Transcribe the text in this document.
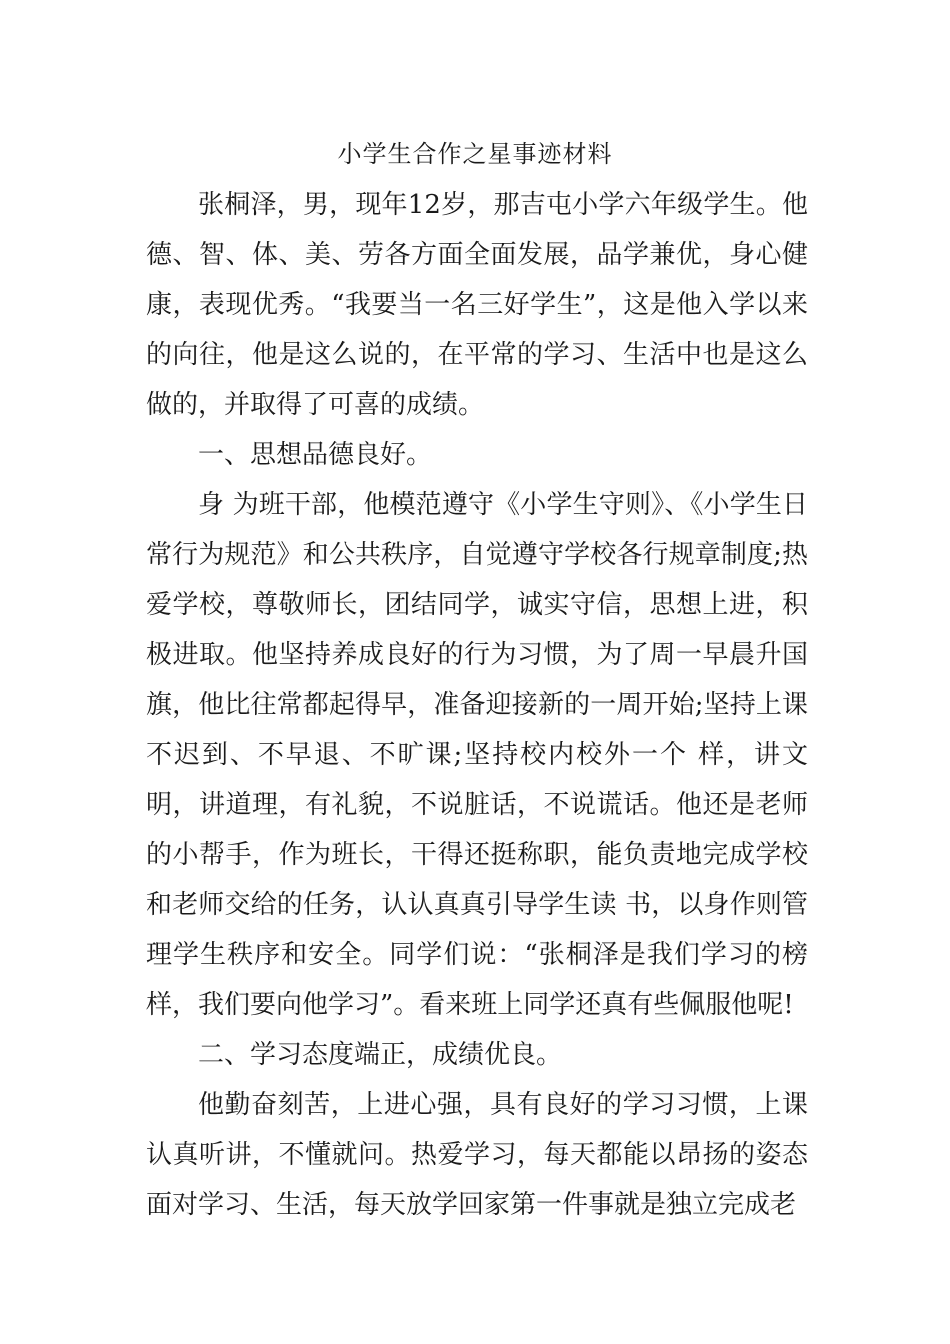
小学生合作之星事迹材料

张桐泽，男，现年12岁，那吉屯小学六年级学生。他德、智、体、美、劳各方面全面发展，品学兼优，身心健康，表现优秀。“我要当一名三好学生”，这是他入学以来的向往，他是这么说的，在平常的学习、生活中也是这么做的，并取得了可喜的成绩。

一、思想品德良好。

身 为班干部，他模范遵守《小学生守则》、《小学生日常行为规范》和公共秩序，自觉遵守学校各行规章制度;热爱学校，尊敬师长，团结同学，诚实守信，思想上进，积极进取。他坚持养成良好的行为习惯，为了周一早晨升国旗，他比往常都起得早，准备迎接新的一周开始;坚持上课不迟到、不早退、不旷课;坚持校内校外一个 样，讲文明，讲道理，有礼貌，不说脏话，不说谎话。他还是老师的小帮手，作为班长，干得还挺称职，能负责地完成学校和老师交给的任务，认认真真引导学生读 书，以身作则管理学生秩序和安全。同学们说：“张桐泽是我们学习的榜样，我们要向他学习”。看来班上同学还真有些佩服他呢!

二、学习态度端正，成绩优良。

他勤奋刻苦，上进心强，具有良好的学习习惯，上课认真听讲，不懂就问。热爱学习，每天都能以昂扬的姿态面对学习、生活，每天放学回家第一件事就是独立完成老
